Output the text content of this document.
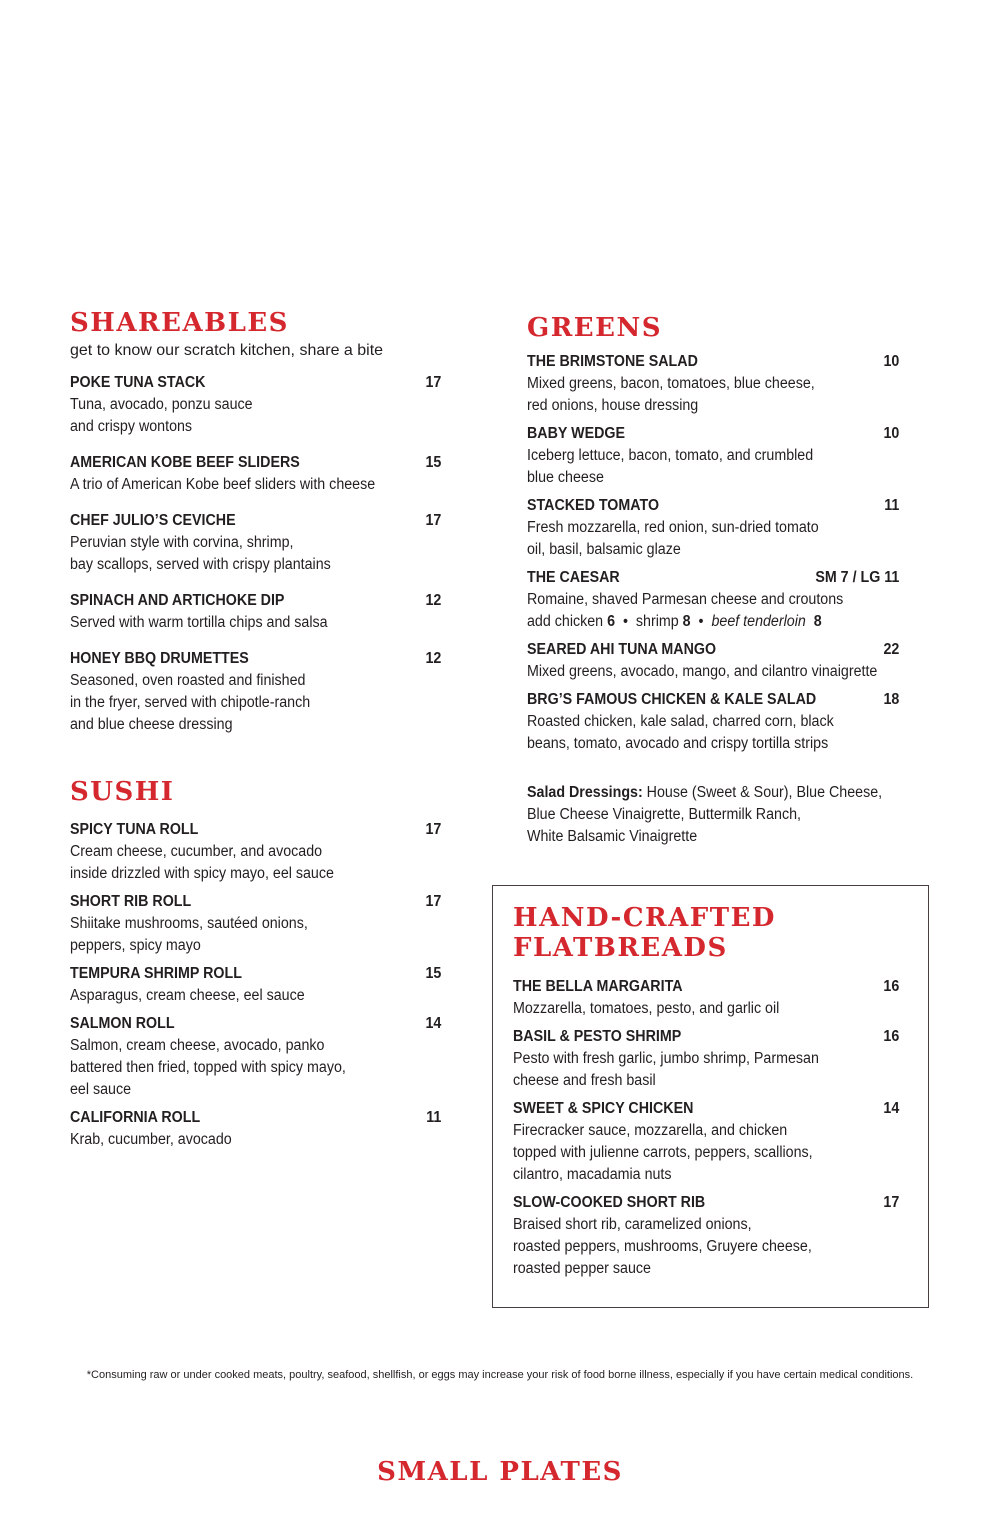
SHAREABLES
get to know our scratch kitchen, share a bite
POKE TUNA STACK	17
Tuna, avocado, ponzu sauce
and crispy wontons
AMERICAN KOBE BEEF SLIDERS	15
A trio of American Kobe beef sliders with cheese
CHEF JULIO’S CEVICHE	17
Peruvian style with corvina, shrimp,
bay scallops, served with crispy plantains
SPINACH AND ARTICHOKE DIP	12
Served with warm tortilla chips and salsa
HONEY BBQ DRUMETTES	12
Seasoned, oven roasted and finished
in the fryer, served with chipotle-ranch
and blue cheese dressing
SUSHI
SPICY TUNA ROLL	17
Cream cheese, cucumber, and avocado
inside drizzled with spicy mayo, eel sauce
SHORT RIB ROLL	17
Shiitake mushrooms, sautéed onions,
peppers, spicy mayo
TEMPURA SHRIMP ROLL	15
Asparagus, cream cheese, eel sauce
SALMON ROLL	14
Salmon, cream cheese, avocado, panko
battered then fried, topped with spicy mayo,
eel sauce
CALIFORNIA ROLL	11
Krab, cucumber, avocado
GREENS
THE BRIMSTONE SALAD	10
Mixed greens, bacon, tomatoes, blue cheese,
red onions, house dressing
BABY WEDGE	10
Iceberg lettuce, bacon, tomato, and crumbled
blue cheese
STACKED TOMATO	11
Fresh mozzarella, red onion, sun-dried tomato
oil, basil, balsamic glaze
THE CAESAR	SM 7 / LG 11
Romaine, shaved Parmesan cheese and croutons
add chicken 6 • shrimp 8 • beef tenderloin 8
SEARED AHI TUNA MANGO	22
Mixed greens, avocado, mango, and cilantro vinaigrette
BRG’S FAMOUS CHICKEN & KALE SALAD	18
Roasted chicken, kale salad, charred corn, black
beans, tomato, avocado and crispy tortilla strips
Salad Dressings: House (Sweet & Sour), Blue Cheese,
Blue Cheese Vinaigrette, Buttermilk Ranch,
White Balsamic Vinaigrette
HAND-CRAFTED
FLATBREADS
THE BELLA MARGARITA	16
Mozzarella, tomatoes, pesto, and garlic oil
BASIL & PESTO SHRIMP	16
Pesto with fresh garlic, jumbo shrimp, Parmesan
cheese and fresh basil
SWEET & SPICY CHICKEN	14
Firecracker sauce, mozzarella, and chicken
topped with julienne carrots, peppers, scallions,
cilantro, macadamia nuts
SLOW-COOKED SHORT RIB	17
Braised short rib, caramelized onions,
roasted peppers, mushrooms, Gruyere cheese,
roasted pepper sauce
*Consuming raw or under cooked meats, poultry, seafood, shellfish, or eggs may increase your risk of food borne illness, especially if you have certain medical conditions.
SMALL PLATES
